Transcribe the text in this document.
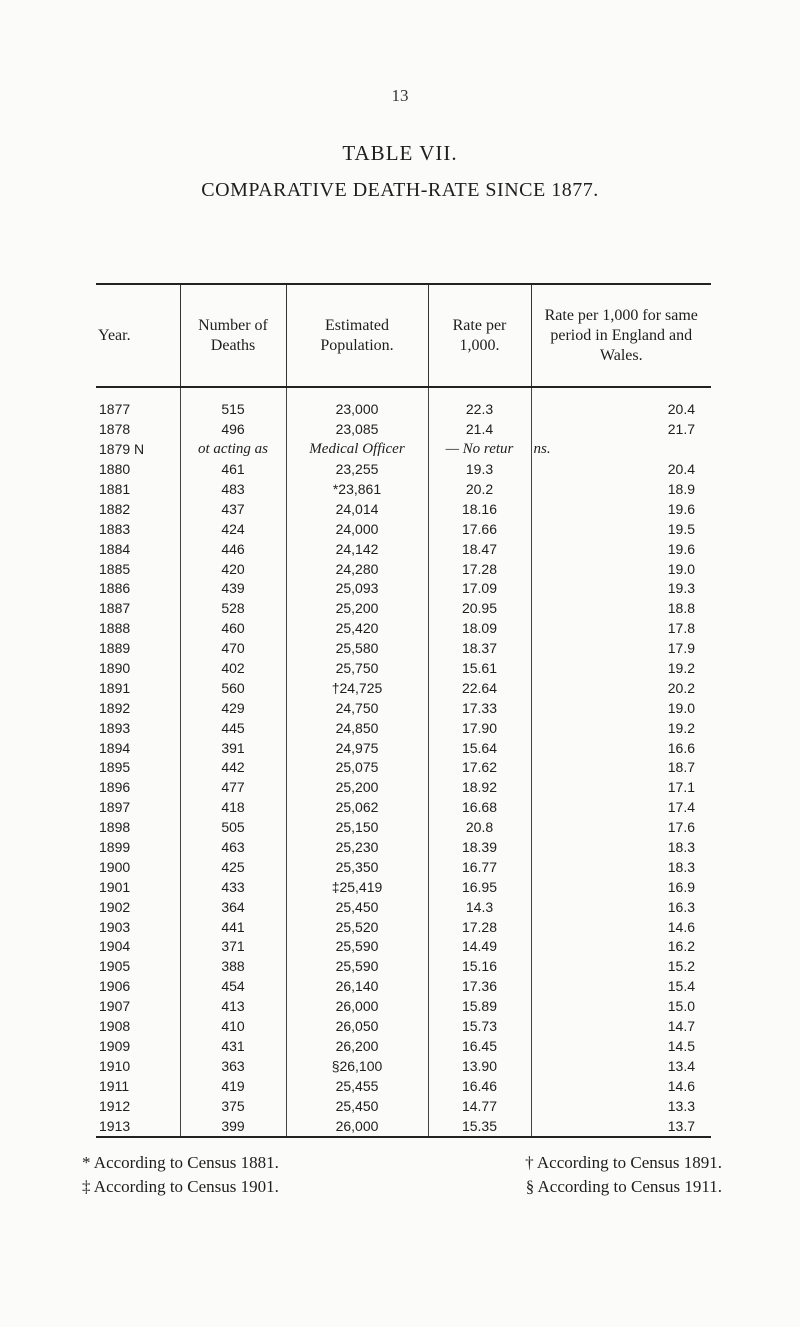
13
TABLE VII.
COMPARATIVE DEATH-RATE SINCE 1877.
Year.	Number of Deaths	Estimated Population.	Rate per 1,000.	Rate per 1,000 for same period in England and Wales.

1877	515	23,000	22.3	20.4
1878	496	23,085	21.4	21.7
1879 N	ot acting as	Medical Officer	— No retur	ns.
1880	461	23,255	19.3	20.4
1881	483	*23,861	20.2	18.9
1882	437	24,014	18.16	19.6
1883	424	24,000	17.66	19.5
1884	446	24,142	18.47	19.6
1885	420	24,280	17.28	19.0
1886	439	25,093	17.09	19.3
1887	528	25,200	20.95	18.8
1888	460	25,420	18.09	17.8
1889	470	25,580	18.37	17.9
1890	402	25,750	15.61	19.2
1891	560	†24,725	22.64	20.2
1892	429	24,750	17.33	19.0
1893	445	24,850	17.90	19.2
1894	391	24,975	15.64	16.6
1895	442	25,075	17.62	18.7
1896	477	25,200	18.92	17.1
1897	418	25,062	16.68	17.4
1898	505	25,150	20.8	17.6
1899	463	25,230	18.39	18.3
1900	425	25,350	16.77	18.3
1901	433	‡25,419	16.95	16.9
1902	364	25,450	14.3	16.3
1903	441	25,520	17.28	14.6
1904	371	25,590	14.49	16.2
1905	388	25,590	15.16	15.2
1906	454	26,140	17.36	15.4
1907	413	26,000	15.89	15.0
1908	410	26,050	15.73	14.7
1909	431	26,200	16.45	14.5
1910	363	§26,100	13.90	13.4
1911	419	25,455	16.46	14.6
1912	375	25,450	14.77	13.3
1913	399	26,000	15.35	13.7
* According to Census 1881.	† According to Census 1891.
‡ According to Census 1901.	§ According to Census 1911.
